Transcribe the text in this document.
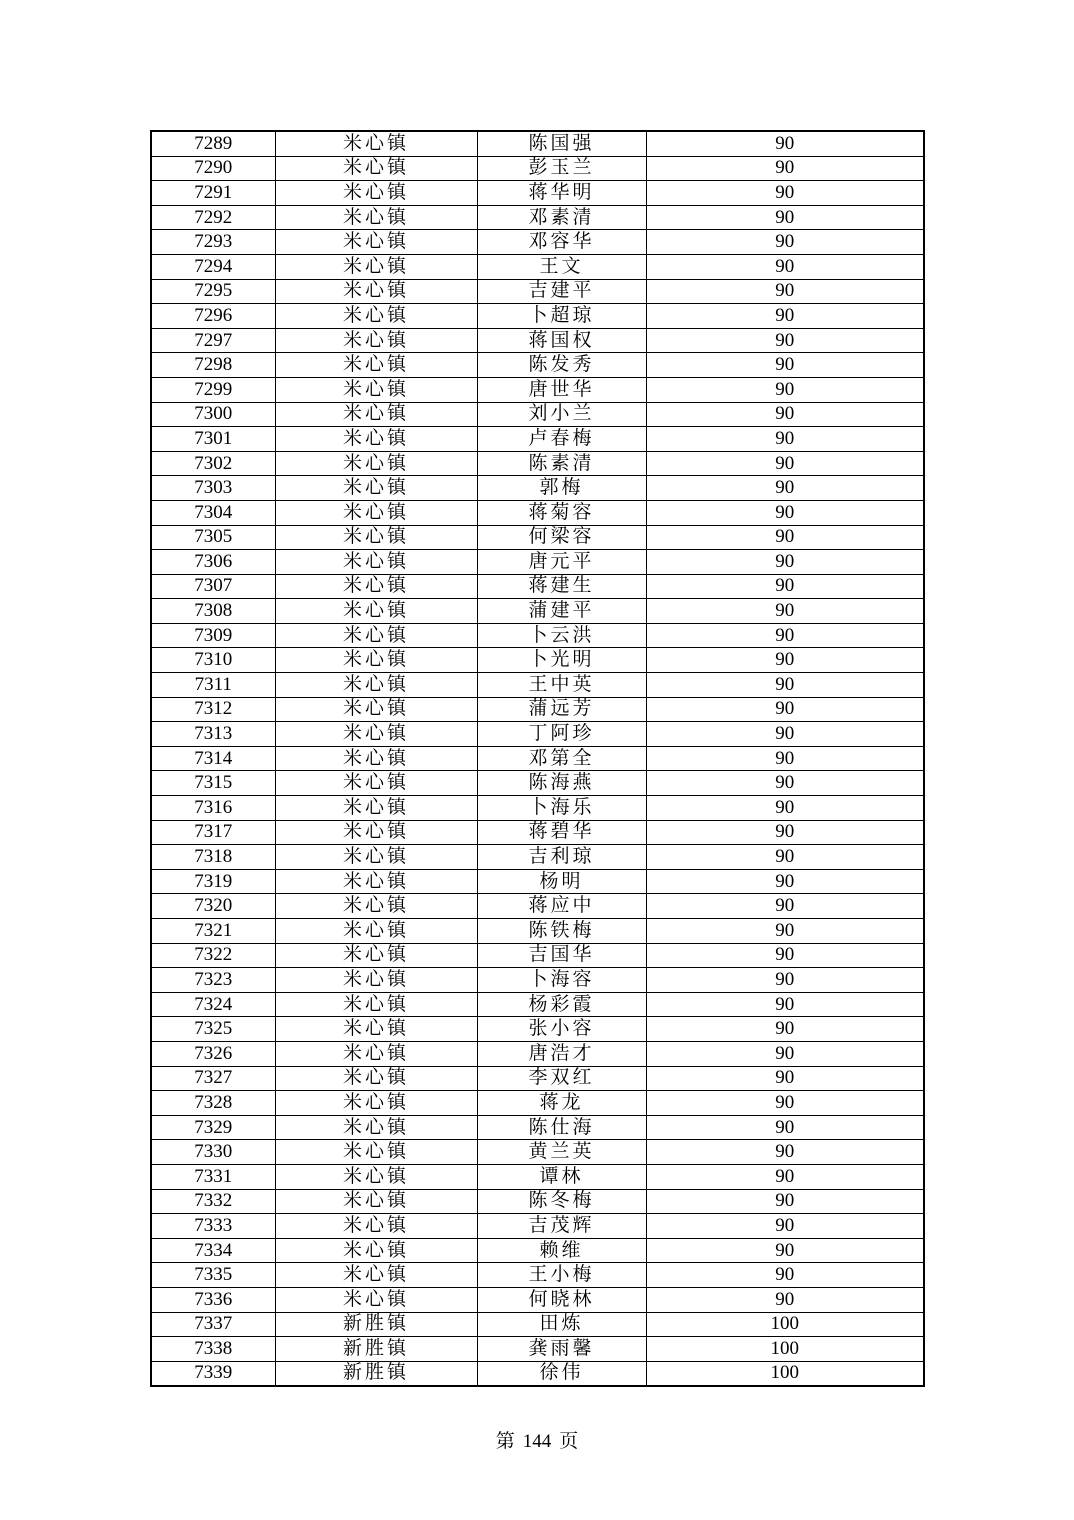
7289	米心镇	陈国强	90
7290	米心镇	彭玉兰	90
7291	米心镇	蒋华明	90
7292	米心镇	邓素清	90
7293	米心镇	邓容华	90
7294	米心镇	王文	90
7295	米心镇	吉建平	90
7296	米心镇	卜超琼	90
7297	米心镇	蒋国权	90
7298	米心镇	陈发秀	90
7299	米心镇	唐世华	90
7300	米心镇	刘小兰	90
7301	米心镇	卢春梅	90
7302	米心镇	陈素清	90
7303	米心镇	郭梅	90
7304	米心镇	蒋菊容	90
7305	米心镇	何梁容	90
7306	米心镇	唐元平	90
7307	米心镇	蒋建生	90
7308	米心镇	蒲建平	90
7309	米心镇	卜云洪	90
7310	米心镇	卜光明	90
7311	米心镇	王中英	90
7312	米心镇	蒲远芳	90
7313	米心镇	丁阿珍	90
7314	米心镇	邓第全	90
7315	米心镇	陈海燕	90
7316	米心镇	卜海乐	90
7317	米心镇	蒋碧华	90
7318	米心镇	吉利琼	90
7319	米心镇	杨明	90
7320	米心镇	蒋应中	90
7321	米心镇	陈铁梅	90
7322	米心镇	吉国华	90
7323	米心镇	卜海容	90
7324	米心镇	杨彩霞	90
7325	米心镇	张小容	90
7326	米心镇	唐浩才	90
7327	米心镇	李双红	90
7328	米心镇	蒋龙	90
7329	米心镇	陈仕海	90
7330	米心镇	黄兰英	90
7331	米心镇	谭林	90
7332	米心镇	陈冬梅	90
7333	米心镇	吉茂辉	90
7334	米心镇	赖维	90
7335	米心镇	王小梅	90
7336	米心镇	何晓林	90
7337	新胜镇	田炼	100
7338	新胜镇	龚雨馨	100
7339	新胜镇	徐伟	100
第 144 页
